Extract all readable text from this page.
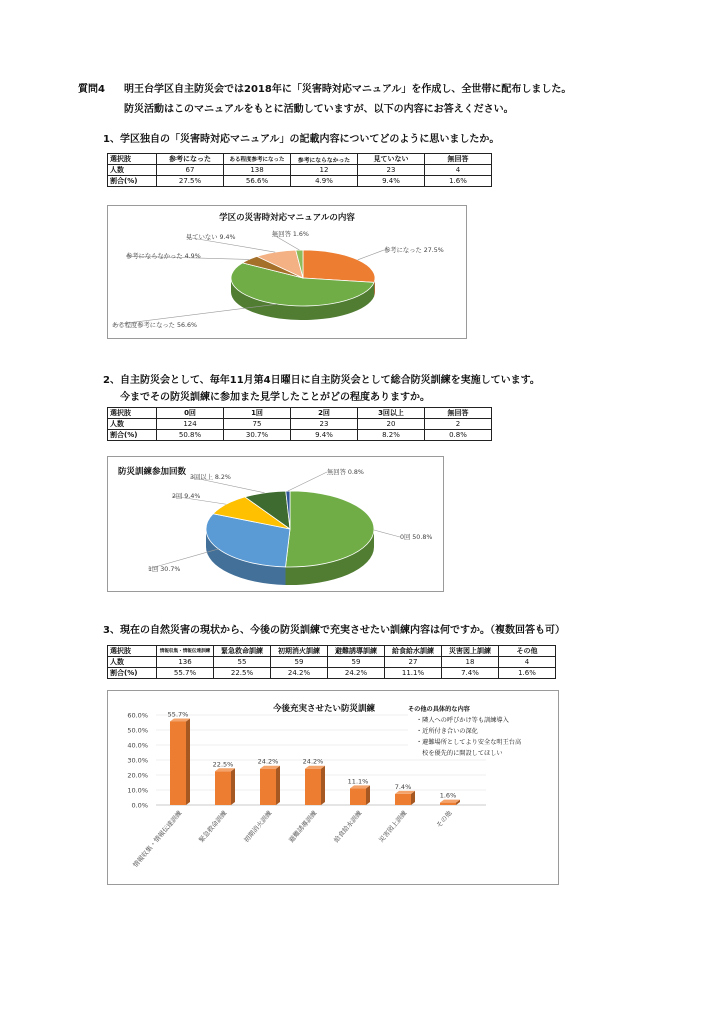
質問4 明王台学区自主防災会では2018年に「災害時対応マニュアル」を作成し、全世帯に配布しました。
防災活動はこのマニュアルをもとに活動していますが、以下の内容にお答えください。
1、学区独自の「災害時対応マニュアル」の記載内容についてどのように思いましたか。
選択肢	参考になった	ある程度参考になった	参考にならなかった	見ていない	無回答
人数	67	138	12	23	4
割合(%)	27.5%	56.6%	4.9%	9.4%	1.6%
学区の災害時対応マニュアルの内容
参考になった 27.5%
ある程度参考になった 56.6%
参考にならなかった 4.9%
見ていない 9.4%	無回答 1.6%
2、自主防災会として、毎年11月第4日曜日に自主防災会として総合防災訓練を実施しています。
今までその防災訓練に参加また見学したことがどの程度ありますか。
選択肢	0回	1回	2回	3回以上	無回答
人数	124	75	23	20	2
割合(%)	50.8%	30.7%	9.4%	8.2%	0.8%
防災訓練参加回数
0回 50.8%
1回 30.7%
2回 9.4%
3回以上 8.2%
無回答 0.8%
3、現在の自然災害の現状から、今後の防災訓練で充実させたい訓練内容は何ですか。（複数回答も可）
選択肢	情報収集・情報伝達訓練	緊急救命訓練	初期消火訓練	避難誘導訓練	給食給水訓練	災害図上訓練	その他
人数	136	55	59	59	27	18	4
割合(%)	55.7%	22.5%	24.2%	24.2%	11.1%	7.4%	1.6%
今後充実させたい防災訓練
0.0%
10.0%
20.0%
30.0%
40.0%
50.0%
60.0%	55.7%
情報収集・情報伝達訓練
22.5%
緊急救命訓練
24.2%
初期消火訓練
24.2%
避難誘導訓練
11.1%
給食給水訓練
7.4%
災害図上訓練
1.6%
その他
その他の具体的な内容
・隣人への呼びかけ等も訓練導入
・近所付き合いの深化
・避難場所としてより安全な明王台高
　校を優先的に開設してほしい
